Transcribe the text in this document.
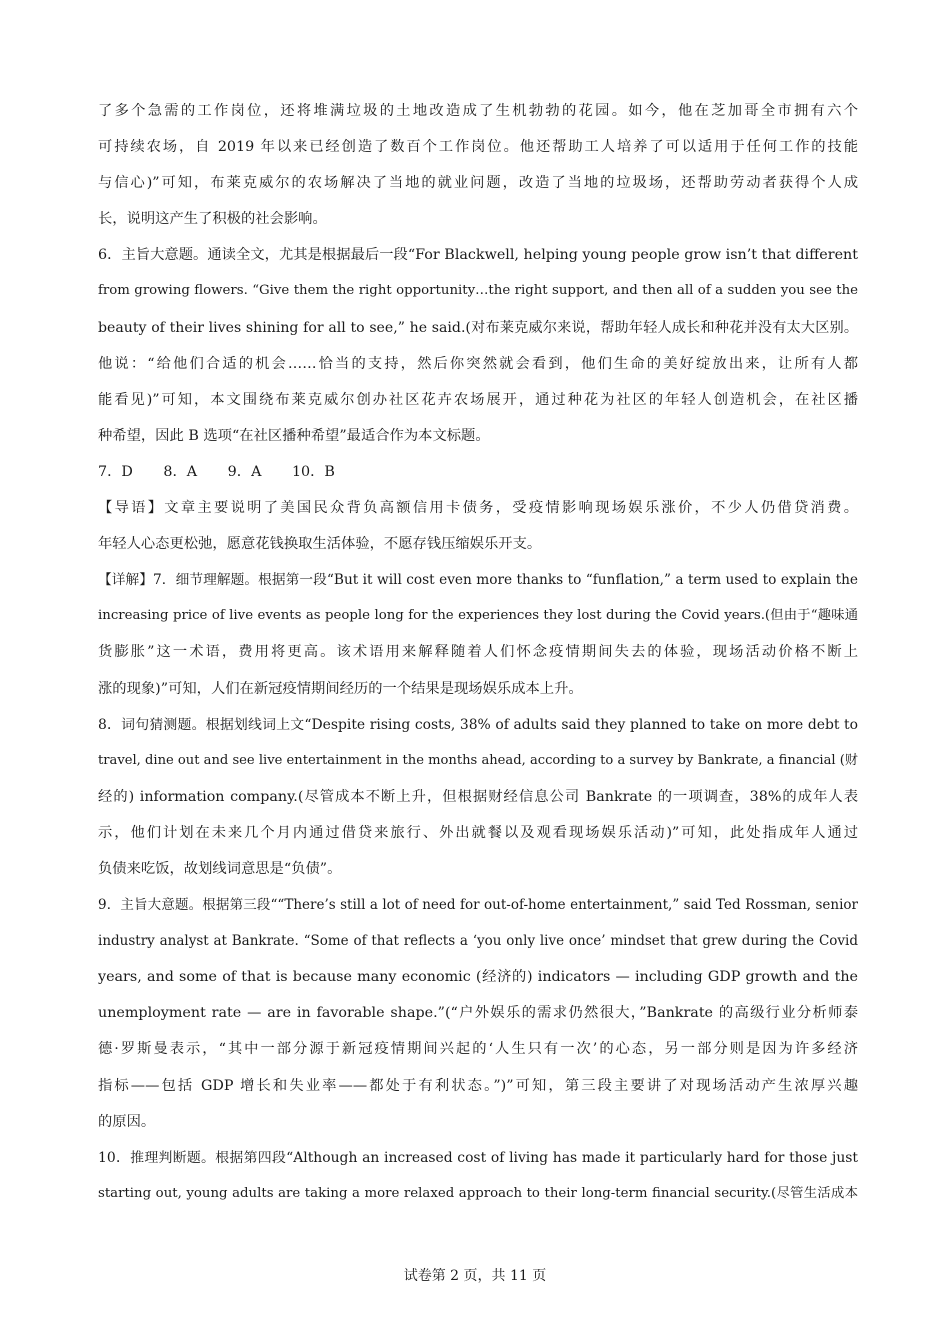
了多个急需的工作岗位，还将堆满垃圾的土地改造成了生机勃勃的花园。如今，他在芝加哥全市拥有六个
可持续农场，自 2019 年以来已经创造了数百个工作岗位。他还帮助工人培养了可以适用于任何工作的技能
与信心)”可知，布莱克威尔的农场解决了当地的就业问题，改造了当地的垃圾场，还帮助劳动者获得个人成
长，说明这产生了积极的社会影响。
6．主旨大意题。通读全文，尤其是根据最后一段“For Blackwell, helping young people grow isn’t that different
from growing flowers. “Give them the right opportunity…the right support, and then all of a sudden you see the
beauty of their lives shining for all to see,” he said.(对布莱克威尔来说，帮助年轻人成长和种花并没有太大区别。
他说：“给他们合适的机会……恰当的支持，然后你突然就会看到，他们生命的美好绽放出来，让所有人都
能看见)”可知，本文围绕布莱克威尔创办社区花卉农场展开，通过种花为社区的年轻人创造机会，在社区播
种希望，因此 B 选项“在社区播种希望”最适合作为本文标题。
7．D 8．A 9．A 10．B
【导语】文章主要说明了美国民众背负高额信用卡债务，受疫情影响现场娱乐涨价，不少人仍借贷消费。
年轻人心态更松弛，愿意花钱换取生活体验，不愿存钱压缩娱乐开支。
【详解】7．细节理解题。根据第一段“But it will cost even more thanks to “funflation,” a term used to explain the
increasing price of live events as people long for the experiences they lost during the Covid years.(但由于“趣味通
货膨胀”这一术语，费用将更高。该术语用来解释随着人们怀念疫情期间失去的体验，现场活动价格不断上
涨的现象)”可知，人们在新冠疫情期间经历的一个结果是现场娱乐成本上升。
8．词句猜测题。根据划线词上文“Despite rising costs, 38% of adults said they planned to take on more debt to
travel, dine out and see live entertainment in the months ahead, according to a survey by Bankrate, a financial (财
经的) information company.(尽管成本不断上升，但根据财经信息公司 Bankrate 的一项调查，38%的成年人表
示，他们计划在未来几个月内通过借贷来旅行、外出就餐以及观看现场娱乐活动)”可知，此处指成年人通过
负债来吃饭，故划线词意思是“负债”。
9．主旨大意题。根据第三段““There’s still a lot of need for out-of-home entertainment,” said Ted Rossman, senior
industry analyst at Bankrate. “Some of that reflects a ‘you only live once’ mindset that grew during the Covid
years, and some of that is because many economic (经济的) indicators — including GDP growth and the
unemployment rate — are in favorable shape.”(“户外娱乐的需求仍然很大，”Bankrate 的高级行业分析师泰
德·罗斯曼表示，“其中一部分源于新冠疫情期间兴起的‘人生只有一次’的心态，另一部分则是因为许多经济
指标——包括 GDP 增长和失业率——都处于有利状态。”)”可知，第三段主要讲了对现场活动产生浓厚兴趣
的原因。
10．推理判断题。根据第四段“Although an increased cost of living has made it particularly hard for those just
starting out, young adults are taking a more relaxed approach to their long-term financial security.(尽管生活成本
试卷第 2 页，共 11 页
